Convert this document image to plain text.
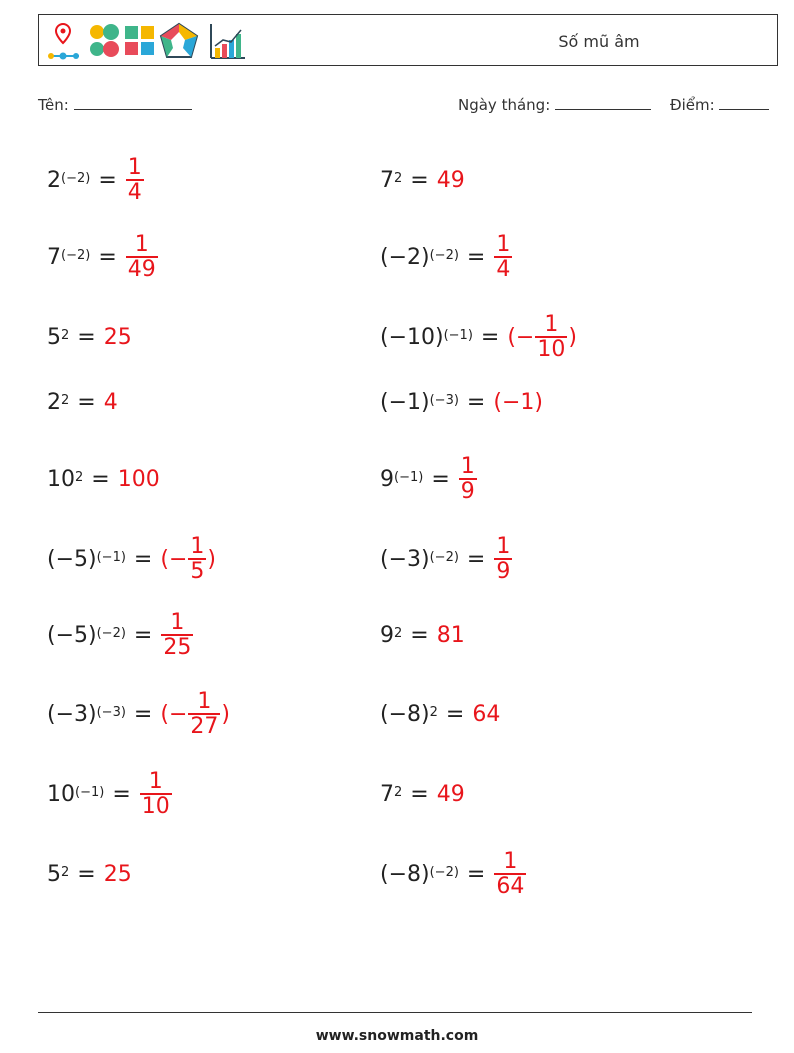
Số mũ âm
Tên:	Ngày tháng:	Điểm:
$2^{(-2)} = \frac{1}{4}$	$7^2 = 49$
$7^{(-2)} = \frac{1}{49}$	$(-2)^{(-2)} = \frac{1}{4}$
$5^2 = 25$	$(-10)^{(-1)}$ = (− $\frac{1}{10}$ )
$2^2 = 4$	$(-1)^{(-3)} = (-1)$
$10^2 = 100$	$9^{(-1)} = \frac{1}{9}$
$(-5)^{(-1)}$ = (− $\frac{1}{5}$ )	$(-3)^{(-2)} = \frac{1}{9}$
$(-5)^{(-2)} = \frac{1}{25}$	$9^2 = 81$
$(-3)^{(-3)}$ = (− $\frac{1}{27}$ )	$(-8)^2 = 64$
$10^{(-1)} = \frac{1}{10}$	$7^2 = 49$
$5^2 = 25$	$(-8)^{(-2)} = \frac{1}{64}$
www.snowmath.com
